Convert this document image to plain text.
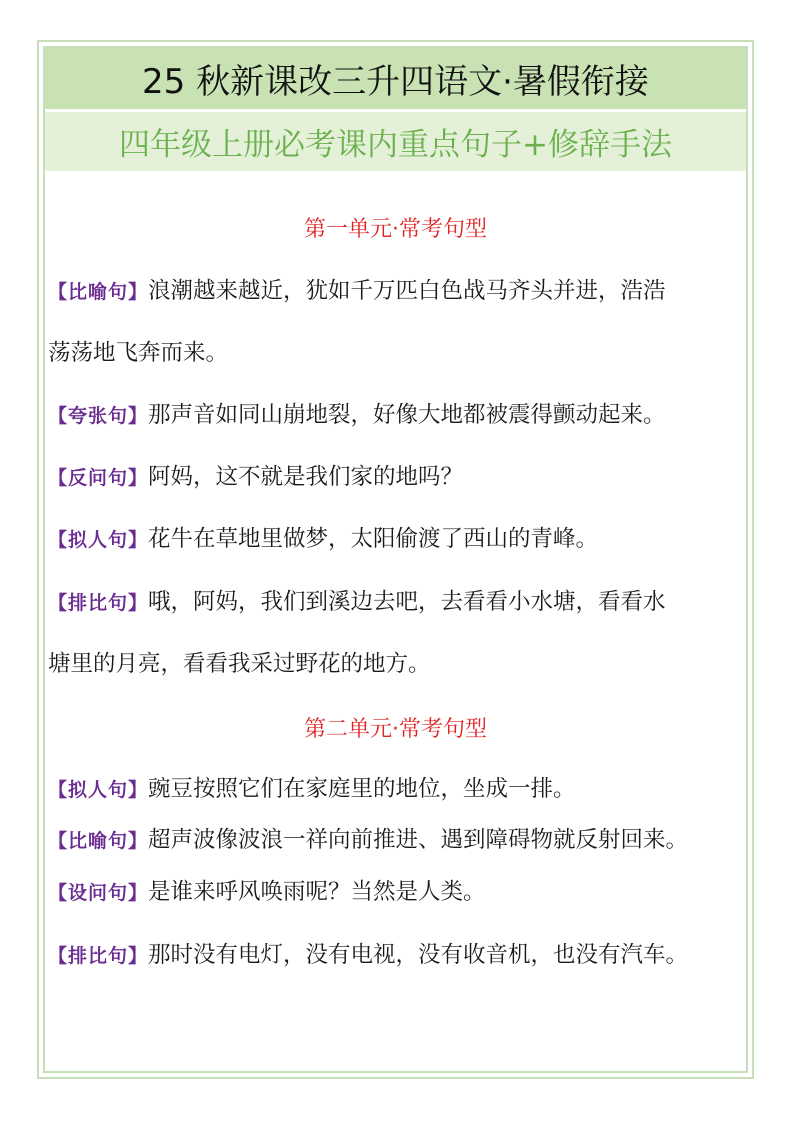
25 秋新课改三升四语文·暑假衔接
四年级上册必考课内重点句子+修辞手法
第一单元·常考句型
【比喻句】浪潮越来越近，犹如千万匹白色战马齐头并进，浩浩
荡荡地飞奔而来。
【夸张句】那声音如同山崩地裂，好像大地都被震得颤动起来。
【反问句】阿妈，这不就是我们家的地吗？
【拟人句】花牛在草地里做梦，太阳偷渡了西山的青峰。
【排比句】哦，阿妈，我们到溪边去吧，去看看小水塘，看看水
塘里的月亮，看看我采过野花的地方。
第二单元·常考句型
【拟人句】豌豆按照它们在家庭里的地位，坐成一排。
【比喻句】超声波像波浪一祥向前推进、遇到障碍物就反射回来。
【设问句】是谁来呼风唤雨呢？当然是人类。
【排比句】那时没有电灯，没有电视，没有收音机，也没有汽车。
